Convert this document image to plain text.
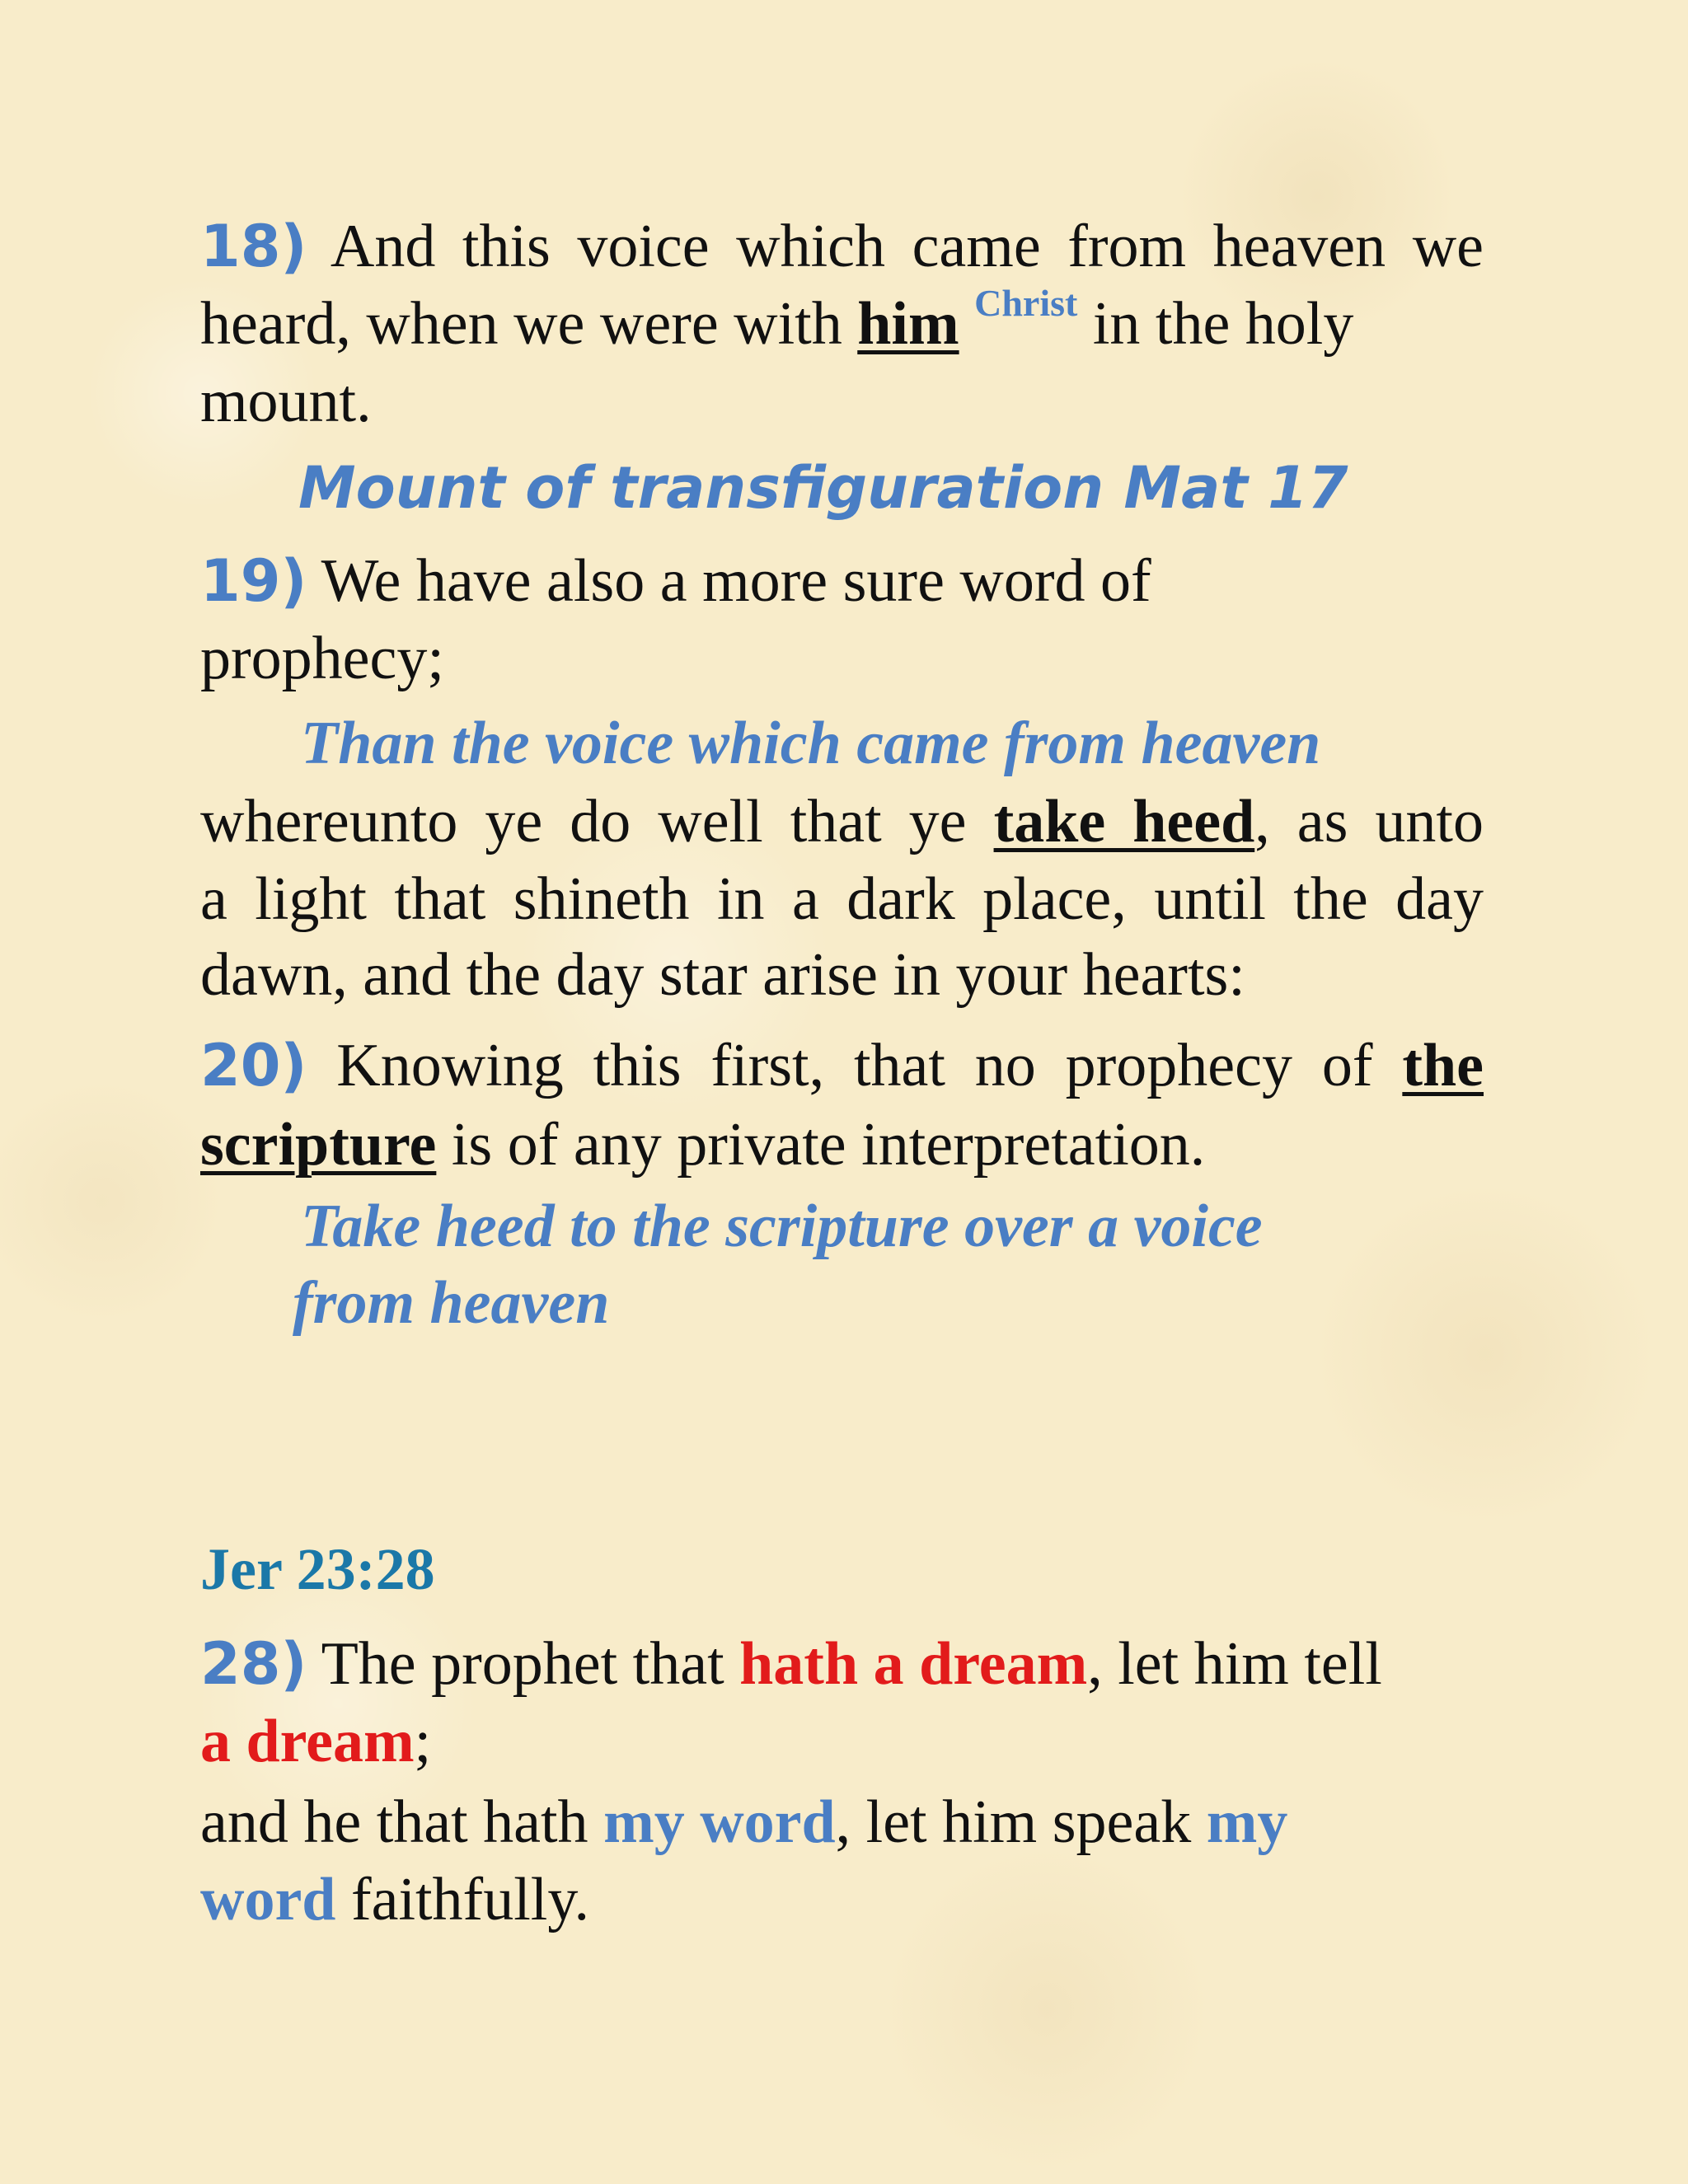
18) And this voice which came from heaven we
heard, when we were with him $^{Christ}$ in the holy
mount.
Mount of transfiguration Mat 17
19) We have also a more sure word of
prophecy;
Than the voice which came from heaven
whereunto ye do well that ye take heed, as unto
a light that shineth in a dark place, until the day
dawn, and the day star arise in your hearts:
20) Knowing this first, that no prophecy of the
scripture is of any private interpretation.
Take heed to the scripture over a voice
from heaven
Jer 23:28
28) The prophet that hath a dream, let him tell
a dream;
and he that hath my word, let him speak my
word faithfully.
